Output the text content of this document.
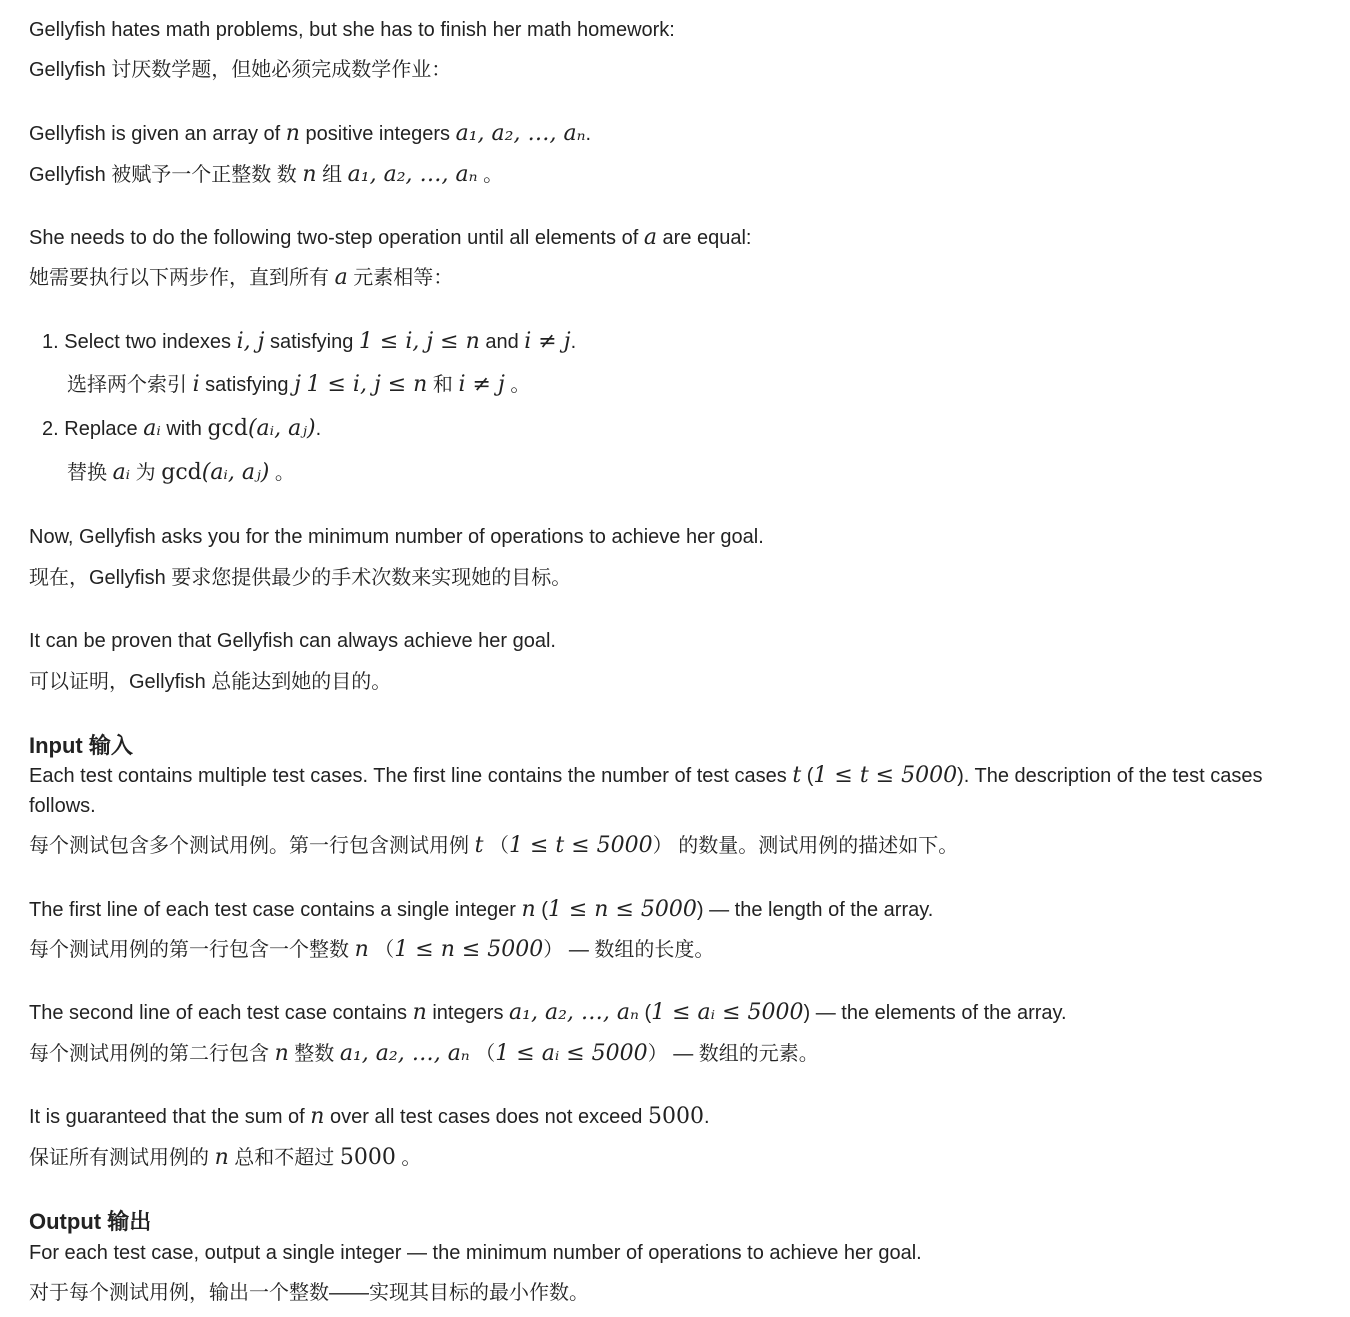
Gellyfish hates math problems, but she has to finish her math homework:
Gellyfish 讨厌数学题，但她必须完成数学作业：
Gellyfish is given an array of n positive integers a₁, a₂, …, aₙ.
Gellyfish 被赋予一个正整数 数 n 组 a₁, a₂, …, aₙ 。
She needs to do the following two-step operation until all elements of a are equal:
她需要执行以下两步作，直到所有 a 元素相等：
1. Select two indexes i, j satisfying 1 ≤ i, j ≤ n and i ≠ j.
选择两个索引 i satisfying j 1 ≤ i, j ≤ n 和 i ≠ j 。
2. Replace aᵢ with gcd(aᵢ, aⱼ).
替换 aᵢ 为 gcd(aᵢ, aⱼ) 。
Now, Gellyfish asks you for the minimum number of operations to achieve her goal.
现在，Gellyfish 要求您提供最少的手术次数来实现她的目标。
It can be proven that Gellyfish can always achieve her goal.
可以证明，Gellyfish 总能达到她的目的。
Input 输入
Each test contains multiple test cases. The first line contains the number of test cases t (1 ≤ t ≤ 5000). The description of the test cases follows.
每个测试包含多个测试用例。第一行包含测试用例 t （1 ≤ t ≤ 5000） 的数量。测试用例的描述如下。
The first line of each test case contains a single integer n (1 ≤ n ≤ 5000) — the length of the array.
每个测试用例的第一行包含一个整数 n （1 ≤ n ≤ 5000） — 数组的长度。
The second line of each test case contains n integers a₁, a₂, …, aₙ (1 ≤ aᵢ ≤ 5000) — the elements of the array.
每个测试用例的第二行包含 n 整数 a₁, a₂, …, aₙ （1 ≤ aᵢ ≤ 5000） — 数组的元素。
It is guaranteed that the sum of n over all test cases does not exceed 5000.
保证所有测试用例的 n 总和不超过 5000 。
Output 输出
For each test case, output a single integer — the minimum number of operations to achieve her goal.
对于每个测试用例，输出一个整数——实现其目标的最小作数。
